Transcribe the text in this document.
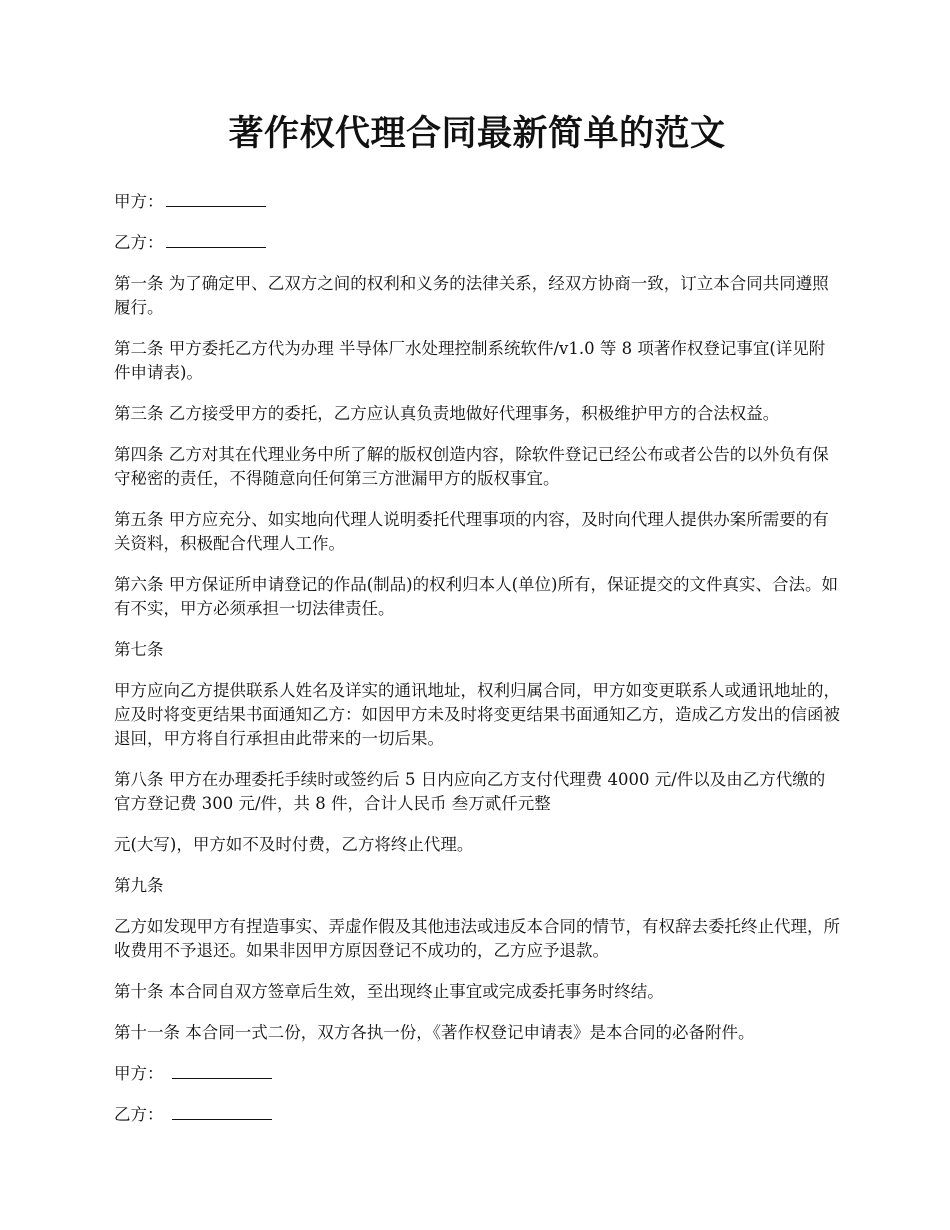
著作权代理合同最新简单的范文

甲方：

乙方：

第一条 为了确定甲、乙双方之间的权利和义务的法律关系，经双方协商一致，订立本合同共同遵照履行。

第二条 甲方委托乙方代为办理 半导体厂水处理控制系统软件/v1.0 等 8 项著作权登记事宜(详见附件申请表)。

第三条 乙方接受甲方的委托，乙方应认真负责地做好代理事务，积极维护甲方的合法权益。

第四条 乙方对其在代理业务中所了解的版权创造内容，除软件登记已经公布或者公告的以外负有保守秘密的责任，不得随意向任何第三方泄漏甲方的版权事宜。

第五条 甲方应充分、如实地向代理人说明委托代理事项的内容，及时向代理人提供办案所需要的有关资料，积极配合代理人工作。

第六条 甲方保证所申请登记的作品(制品)的权利归本人(单位)所有，保证提交的文件真实、合法。如有不实，甲方必须承担一切法律责任。

第七条

甲方应向乙方提供联系人姓名及详实的通讯地址，权利归属合同，甲方如变更联系人或通讯地址的，应及时将变更结果书面通知乙方：如因甲方未及时将变更结果书面通知乙方，造成乙方发出的信函被退回，甲方将自行承担由此带来的一切后果。

第八条 甲方在办理委托手续时或签约后 5 日内应向乙方支付代理费 4000 元/件以及由乙方代缴的官方登记费 300 元/件，共 8 件，合计人民币 叁万贰仟元整

元(大写)，甲方如不及时付费，乙方将终止代理。

第九条

乙方如发现甲方有捏造事实、弄虚作假及其他违法或违反本合同的情节，有权辞去委托终止代理，所收费用不予退还。如果非因甲方原因登记不成功的，乙方应予退款。

第十条 本合同自双方签章后生效，至出现终止事宜或完成委托事务时终结。

第十一条 本合同一式二份，双方各执一份，《著作权登记申请表》是本合同的必备附件。

甲方：

乙方：
